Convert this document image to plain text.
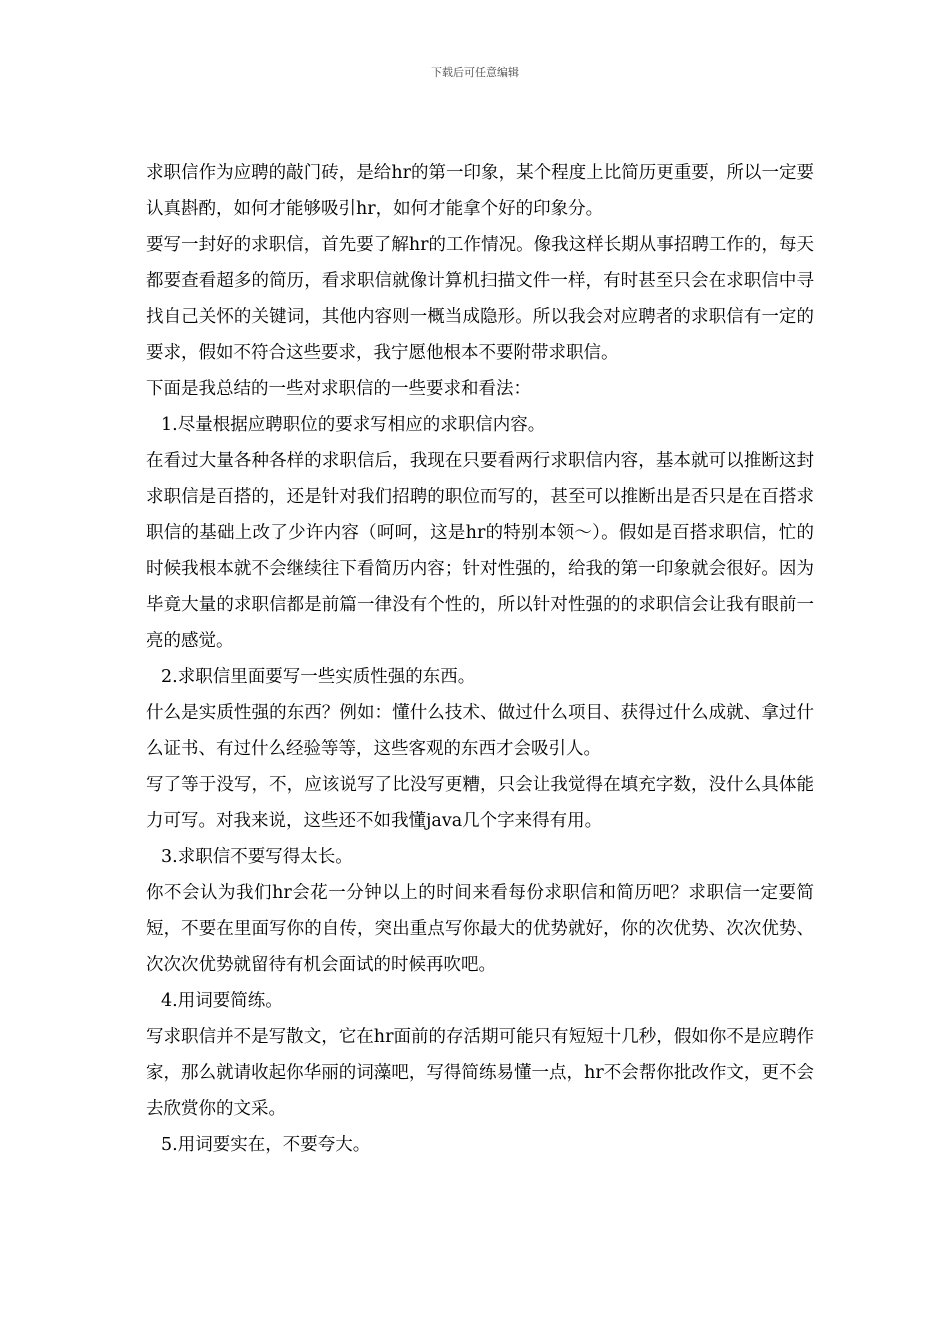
下载后可任意编辑

求职信作为应聘的敲门砖，是给hr的第一印象，某个程度上比简历更重要，所以一定要认真斟酌，如何才能够吸引hr，如何才能拿个好的印象分。

要写一封好的求职信，首先要了解hr的工作情况。像我这样长期从事招聘工作的，每天都要查看超多的简历，看求职信就像计算机扫描文件一样，有时甚至只会在求职信中寻找自己关怀的关键词，其他内容则一概当成隐形。所以我会对应聘者的求职信有一定的要求，假如不符合这些要求，我宁愿他根本不要附带求职信。

下面是我总结的一些对求职信的一些要求和看法：

1.尽量根据应聘职位的要求写相应的求职信内容。

在看过大量各种各样的求职信后，我现在只要看两行求职信内容，基本就可以推断这封求职信是百搭的，还是针对我们招聘的职位而写的，甚至可以推断出是否只是在百搭求职信的基础上改了少许内容（呵呵，这是hr的特别本领～）。假如是百搭求职信，忙的时候我根本就不会继续往下看简历内容；针对性强的，给我的第一印象就会很好。因为毕竟大量的求职信都是前篇一律没有个性的，所以针对性强的的求职信会让我有眼前一亮的感觉。

2.求职信里面要写一些实质性强的东西。

什么是实质性强的东西？例如：懂什么技术、做过什么项目、获得过什么成就、拿过什么证书、有过什么经验等等，这些客观的东西才会吸引人。

写了等于没写，不，应该说写了比没写更糟，只会让我觉得在填充字数，没什么具体能力可写。对我来说，这些还不如我懂java几个字来得有用。

3.求职信不要写得太长。

你不会认为我们hr会花一分钟以上的时间来看每份求职信和简历吧？求职信一定要简短，不要在里面写你的自传，突出重点写你最大的优势就好，你的次优势、次次优势、次次次优势就留待有机会面试的时候再吹吧。

4.用词要简练。

写求职信并不是写散文，它在hr面前的存活期可能只有短短十几秒，假如你不是应聘作家，那么就请收起你华丽的词藻吧，写得简练易懂一点，hr不会帮你批改作文，更不会去欣赏你的文采。

5.用词要实在，不要夸大。
